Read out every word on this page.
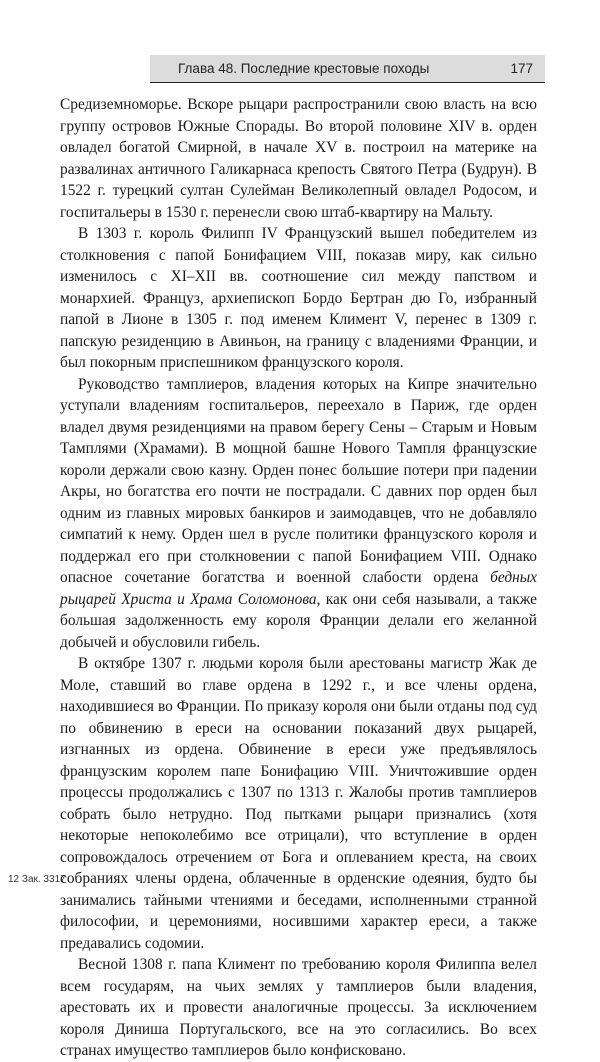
Глава 48. Последние крестовые походы	177

Средиземноморье. Вскоре рыцари распространили свою власть на всю группу островов Южные Спорады. Во второй половине XIV в. орден овладел богатой Смирной, в начале XV в. построил на материке на развалинах античного Галикарнаса крепость Святого Петра (Будрун). В 1522 г. турецкий султан Сулейман Великолепный овладел Родосом, и госпитальеры в 1530 г. перенесли свою штаб-квартиру на Мальту.

В 1303 г. король Филипп IV Французский вышел победителем из столкновения с папой Бонифацием VIII, показав миру, как сильно изменилось с XI–XII вв. соотношение сил между папством и монархией. Француз, архиепископ Бордо Бертран дю Го, избранный папой в Лионе в 1305 г. под именем Климент V, перенес в 1309 г. папскую резиденцию в Авиньон, на границу с владениями Франции, и был покорным приспешником французского короля.

Руководство тамплиеров, владения которых на Кипре значительно уступали владениям госпитальеров, переехало в Париж, где орден владел двумя резиденциями на правом берегу Сены – Старым и Новым Тамплями (Храмами). В мощной башне Нового Тампля французские короли держали свою казну. Орден понес большие потери при падении Акры, но богатства его почти не пострадали. С давних пор орден был одним из главных мировых банкиров и заимодавцев, что не добавляло симпатий к нему. Орден шел в русле политики французского короля и поддержал его при столкновении с папой Бонифацием VIII. Однако опасное сочетание богатства и военной слабости ордена бедных рыцарей Христа и Храма Соломонова, как они себя называли, а также большая задолженность ему короля Франции делали его желанной добычей и обусловили гибель.

В октябре 1307 г. людьми короля были арестованы магистр Жак де Моле, ставший во главе ордена в 1292 г., и все члены ордена, находившиеся во Франции. По приказу короля они были отданы под суд по обвинению в ереси на основании показаний двух рыцарей, изгнанных из ордена. Обвинение в ереси уже предъявлялось французским королем папе Бонифацию VIII. Уничтожившие орден процессы продолжались с 1307 по 1313 г. Жалобы против тамплиеров собрать было нетрудно. Под пытками рыцари признались (хотя некоторые непоколебимо все отрицали), что вступление в орден сопровождалось отречением от Бога и оплеванием креста, на своих собраниях члены ордена, облаченные в орденские одеяния, будто бы занимались тайными чтениями и беседами, исполненными странной философии, и церемониями, носившими характер ереси, а также предавались содомии.

Весной 1308 г. папа Климент по требованию короля Филиппа велел всем государям, на чьих землях у тамплиеров были владения, арестовать их и провести аналогичные процессы. За исключением короля Диниша Португальского, все на это согласились. Во всех странах имущество тамплиеров было конфисковано.

12 Зак. 3317
